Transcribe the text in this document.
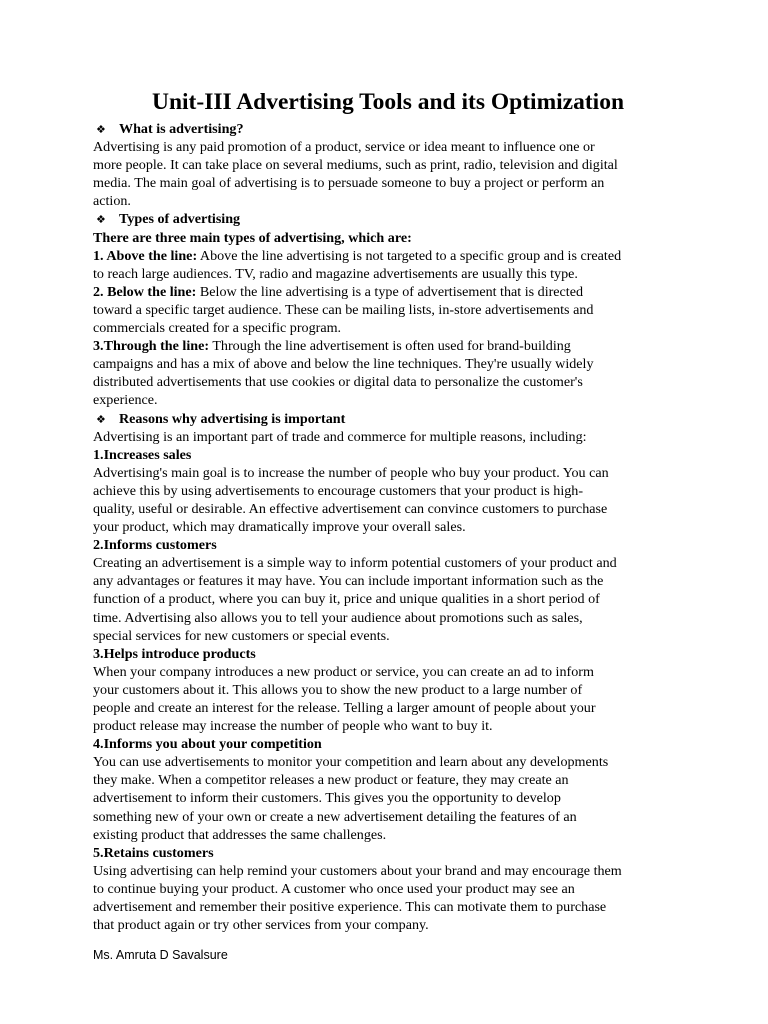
Unit-III Advertising Tools and its Optimization
❖ What is advertising?
Advertising is any paid promotion of a product, service or idea meant to influence one or
more people. It can take place on several mediums, such as print, radio, television and digital
media. The main goal of advertising is to persuade someone to buy a project or perform an
action.
❖ Types of advertising
There are three main types of advertising, which are:
1. Above the line: Above the line advertising is not targeted to a specific group and is created
to reach large audiences. TV, radio and magazine advertisements are usually this type.
2. Below the line: Below the line advertising is a type of advertisement that is directed
toward a specific target audience. These can be mailing lists, in-store advertisements and
commercials created for a specific program.
3.Through the line: Through the line advertisement is often used for brand-building
campaigns and has a mix of above and below the line techniques. They're usually widely
distributed advertisements that use cookies or digital data to personalize the customer's
experience.
❖ Reasons why advertising is important
Advertising is an important part of trade and commerce for multiple reasons, including:
1.Increases sales
Advertising's main goal is to increase the number of people who buy your product. You can
achieve this by using advertisements to encourage customers that your product is high-
quality, useful or desirable. An effective advertisement can convince customers to purchase
your product, which may dramatically improve your overall sales.
2.Informs customers
Creating an advertisement is a simple way to inform potential customers of your product and
any advantages or features it may have. You can include important information such as the
function of a product, where you can buy it, price and unique qualities in a short period of
time. Advertising also allows you to tell your audience about promotions such as sales,
special services for new customers or special events.
3.Helps introduce products
When your company introduces a new product or service, you can create an ad to inform
your customers about it. This allows you to show the new product to a large number of
people and create an interest for the release. Telling a larger amount of people about your
product release may increase the number of people who want to buy it.
4.Informs you about your competition
You can use advertisements to monitor your competition and learn about any developments
they make. When a competitor releases a new product or feature, they may create an
advertisement to inform their customers. This gives you the opportunity to develop
something new of your own or create a new advertisement detailing the features of an
existing product that addresses the same challenges.
5.Retains customers
Using advertising can help remind your customers about your brand and may encourage them
to continue buying your product. A customer who once used your product may see an
advertisement and remember their positive experience. This can motivate them to purchase
that product again or try other services from your company.
Ms. Amruta D Savalsure
